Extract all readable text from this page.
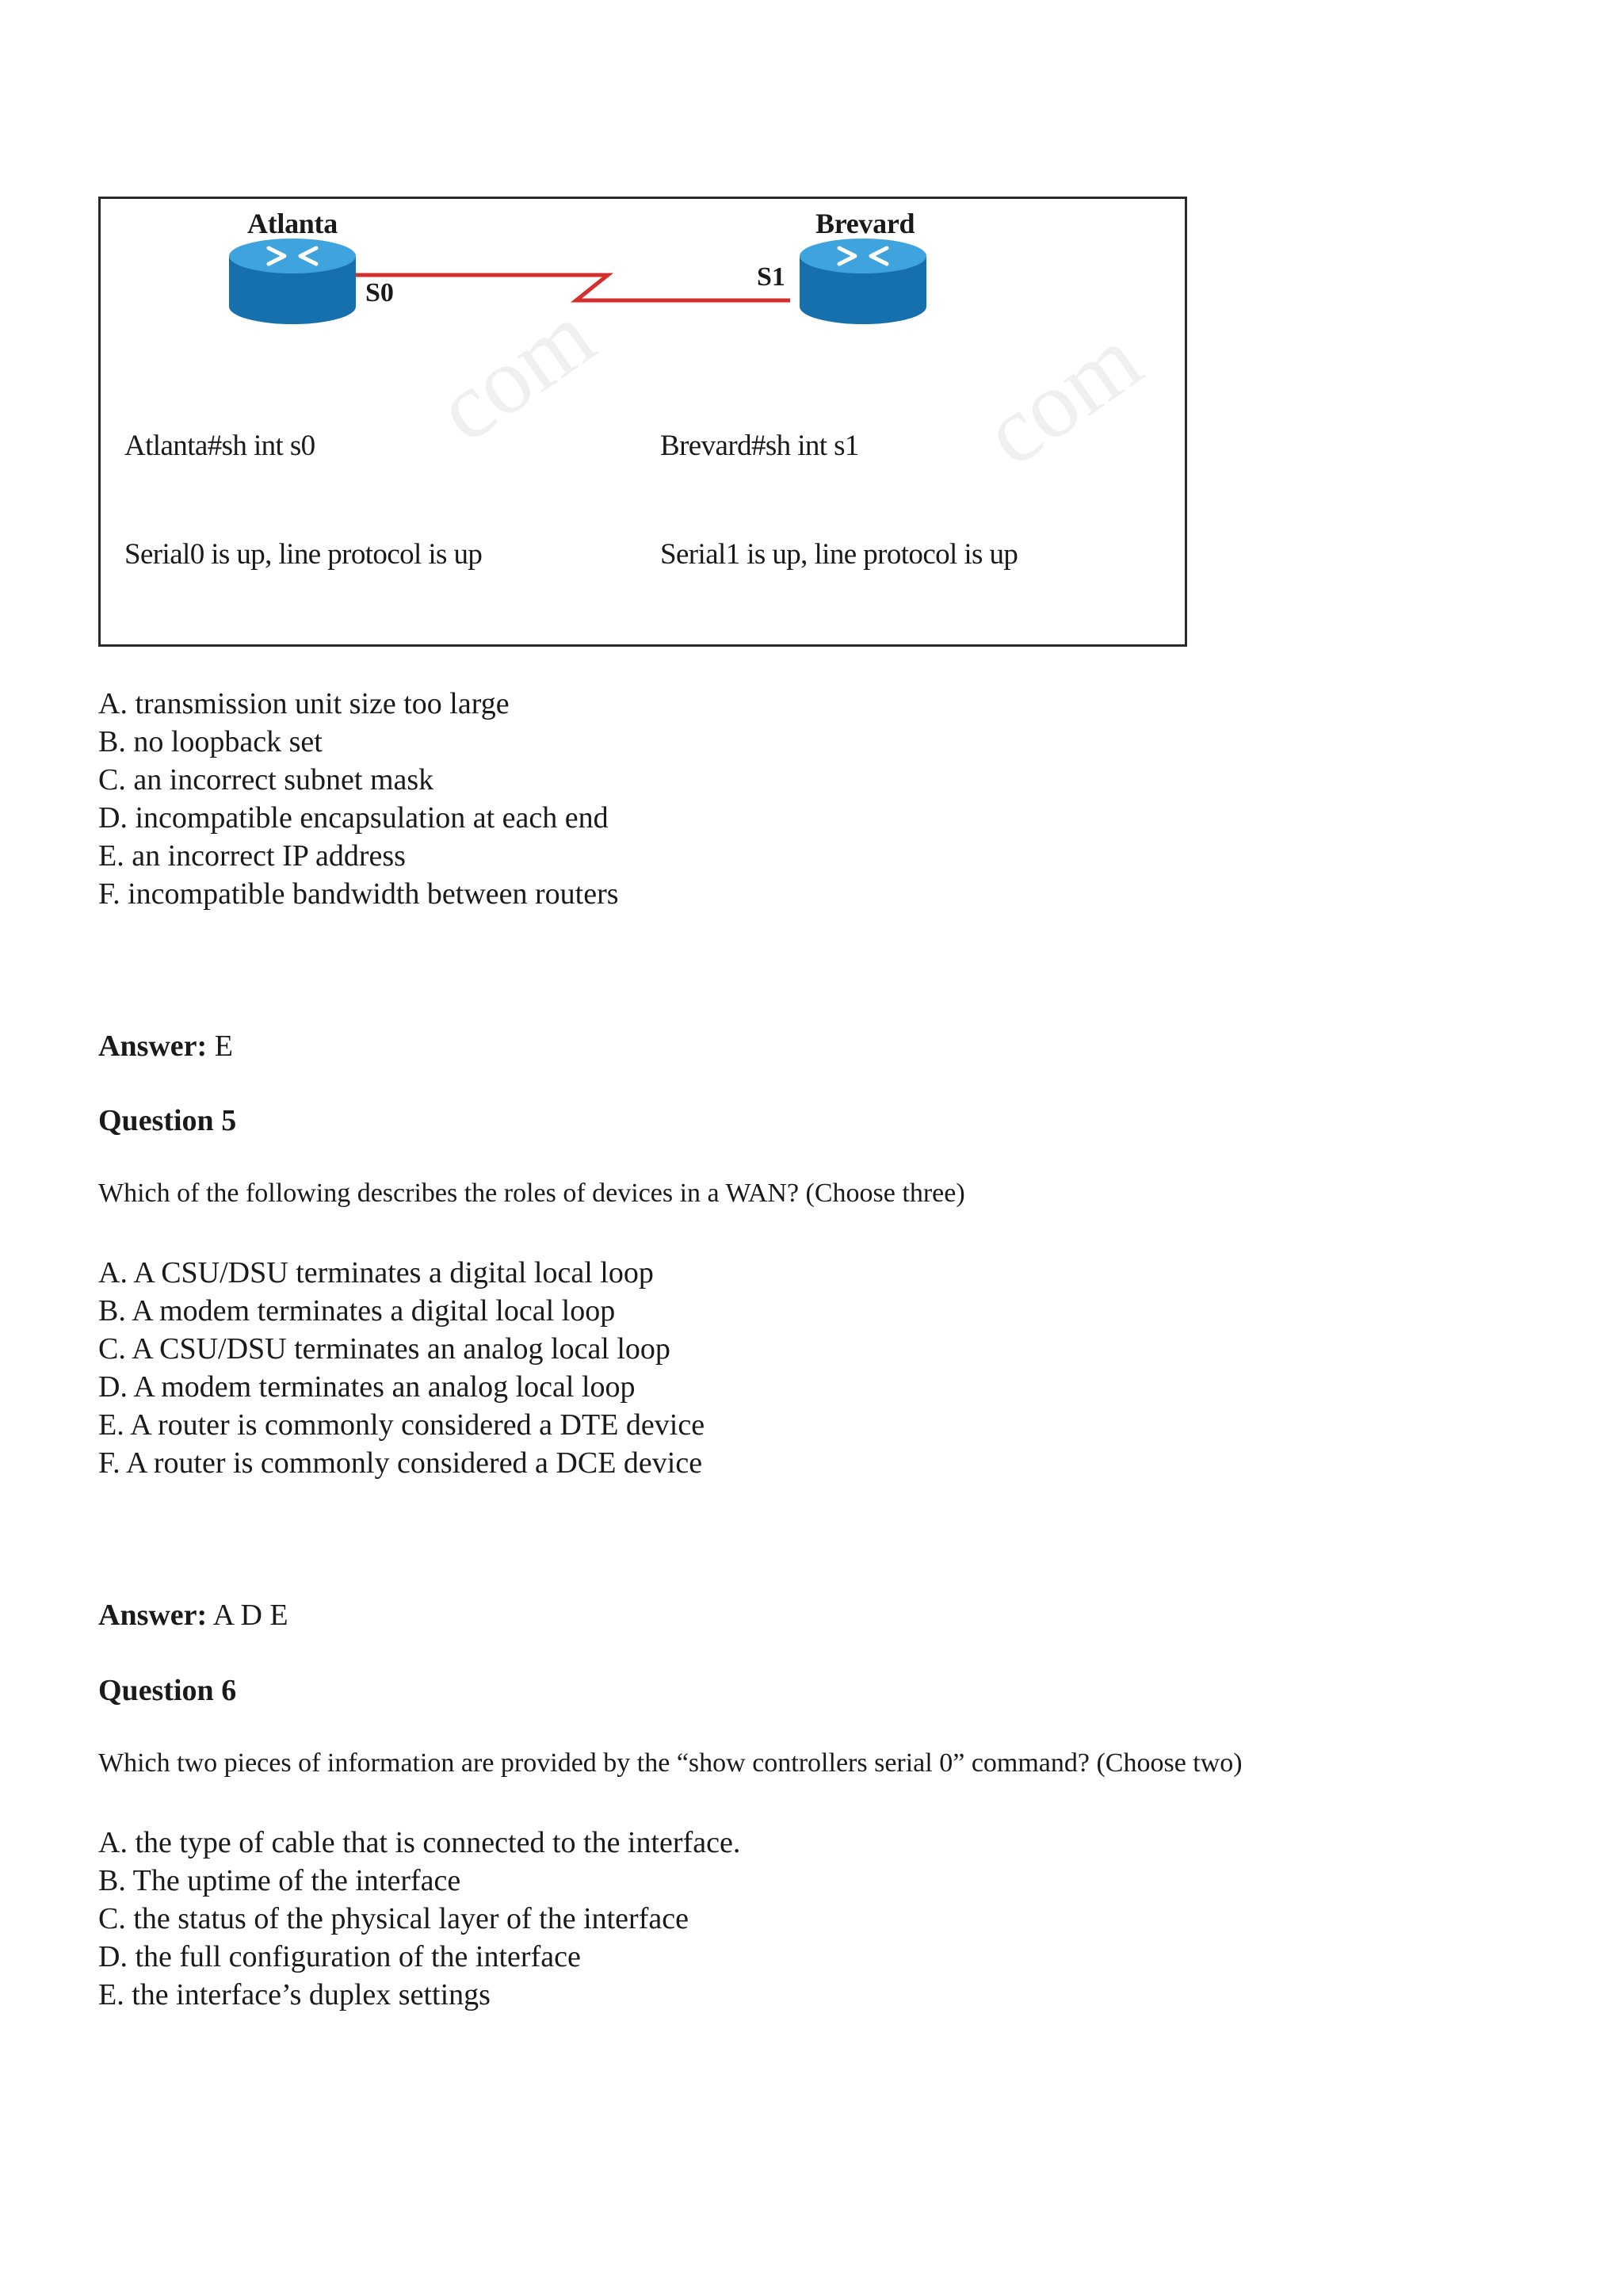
com	com
Atlanta	Brevard
S0
S1

Atlanta#sh int s0

Serial0 is up, line protocol is up

Brevard#sh int s1

Serial1 is up, line protocol is up

A. transmission unit size too large
B. no loopback set
C. an incorrect subnet mask
D. incompatible encapsulation at each end
E. an incorrect IP address
F. incompatible bandwidth between routers
Answer: E
Question 5
Which of the following describes the roles of devices in a WAN? (Choose three)
A. A CSU/DSU terminates a digital local loop
B. A modem terminates a digital local loop
C. A CSU/DSU terminates an analog local loop
D. A modem terminates an analog local loop
E. A router is commonly considered a DTE device
F. A router is commonly considered a DCE device
Answer: A D E
Question 6
Which two pieces of information are provided by the “show controllers serial 0” command? (Choose two)
A. the type of cable that is connected to the interface.
B. The uptime of the interface
C. the status of the physical layer of the interface
D. the full configuration of the interface
E. the interface’s duplex settings
